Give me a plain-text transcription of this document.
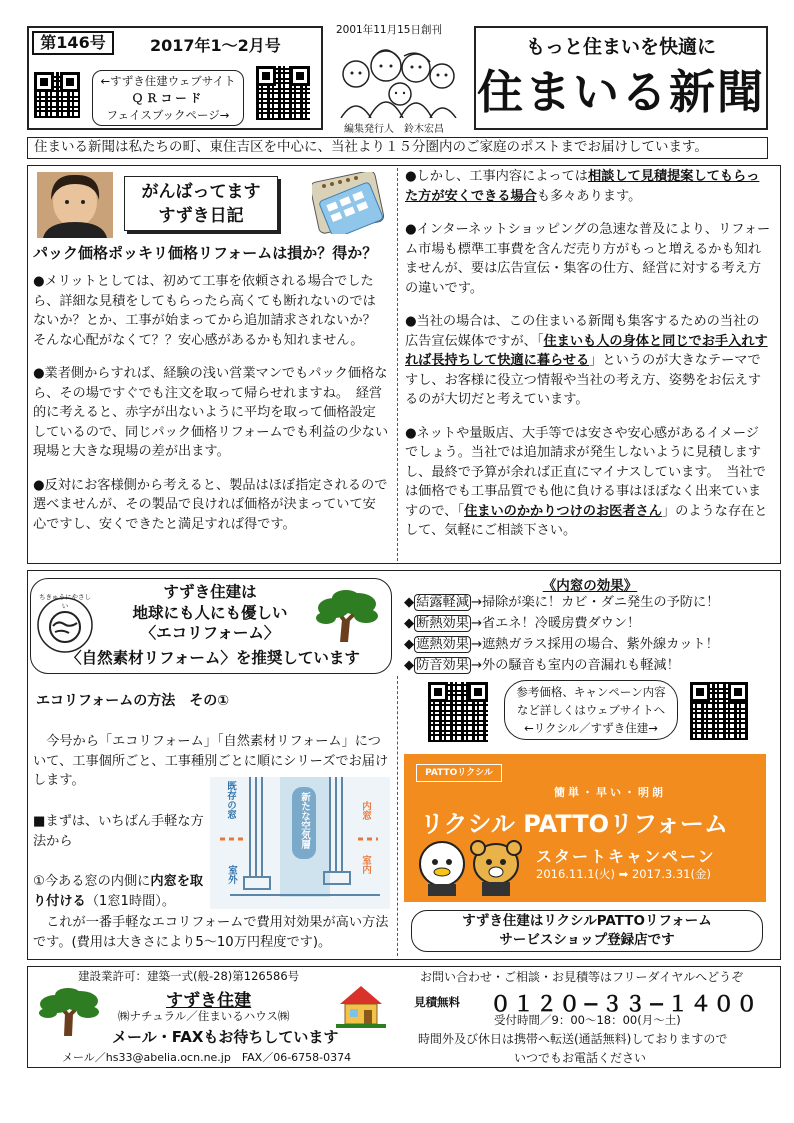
第146号	2017年1〜2月号
←すずき住建ウェブサイト
ＱＲコード
フェイスブックページ→
2001年11月15日創刊
編集発行人　鈴木宏昌
もっと住まいを快適に
住まいる新聞
住まいる新聞は私たちの町、東住吉区を中心に、当社より１５分圏内のご家庭のポストまでお届けしています。
がんばってます
すずき日記
パック価格ポッキリ価格リフォームは損か？得か？

●メリットとしては、初めて工事を依頼される場合でしたら、詳細な見積をしてもらったら高くても断れないのではないか？とか、工事が始まってから追加請求されないか？そんな心配がなくて？？安心感があるかも知れません。

●業者側からすれば、経験の浅い営業マンでもパック価格なら、その場ですぐでも注文を取って帰らせれますね。　経営的に考えると、赤字が出ないように平均を取って価格設定しているので、同じパック価格リフォームでも利益の少ない現場と大きな現場の差が出ます。

●反対にお客様側から考えると、製品はほぼ指定されるので選べませんが、その製品で良ければ価格が決まっていて安心ですし、安くできたと満足すれば得です。

●しかし、工事内容によっては相談して見積提案してもらった方が安くできる場合も多々あります。

●インターネットショッピングの急速な普及により、リフォーム市場も標準工事費を含んだ売り方がもっと増えるかも知れませんが、要は広告宣伝・集客の仕方、経営に対する考え方の違いです。

●当社の場合は、この住まいる新聞も集客するための当社の広告宣伝媒体ですが、「住まいも人の身体と同じでお手入れすれば長持ちして快適に暮らせる」というのが大きなテーマですし、お客様に役立つ情報や当社の考え方、姿勢をお伝えするのが大切だと考えています。

●ネットや量販店、大手等では安さや安心感があるイメージでしょう。当社では追加請求が発生しないように見積しますし、最終で予算が余れば正直にマイナスしています。　当社では価格でも工事品質でも他に負ける事はほぼなく出来ていますので、「住まいのかかりつけのお医者さん」のような存在として、気軽にご相談下さい。

ちきゅうにやさしい
すずき住建は
地球にも人にも優しい
〈エコリフォーム〉
〈自然素材リフォーム〉を推奨しています
エコリフォームの方法　その①

　今号から「エコリフォーム」「自然素材リフォーム」について、工事個所ごと、工事種別ごとに順にシリーズでお届けします。

■まずは、いちばん手軽な方法から

①今ある窓の内側に内窓を取り付ける（1窓1時間）。

　これが一番手軽なエコリフォームで費用対効果が高い方法です。(費用は大きさにより5〜10万円程度です)。

既存の窓	新たな空気層	内窓
室外
室内
《内窓の効果》
◆ 結露軽減 →掃除が楽に！カビ・ダニ発生の予防に！
◆ 断熱効果 →省エネ！冷暖房費ダウン！
◆ 遮熱効果 →遮熱ガラス採用の場合、紫外線カット！
◆ 防音効果 →外の騒音も室内の音漏れも軽減！
参考価格、キャンペーン内容
など詳しくはウェブサイトへ
←リクシル／すずき住建→
PATTOリクシル
簡単・早い・明朗
リクシル PATTOリフォーム
スタートキャンペーン
2016.11.1(火) ➡ 2017.3.31(金)
すずき住建はリクシルPATTOリフォーム
サービスショップ登録店です
建設業許可：建築一式(般-28)第126586号
すずき住建
㈱ナチュラル／住まいるハウス㈱
メール・FAXもお待ちしています
メール／hs33@abelia.ocn.ne.jp　FAX／06-6758-0374
お問い合わせ・ご相談・お見積等はフリーダイヤルへどうぞ
見積無料 ０１２０−３３−１４００
受付時間／9：00〜18：00(月〜土)
時間外及び休日は携帯へ転送(通話無料)しておりますので
いつでもお電話ください
